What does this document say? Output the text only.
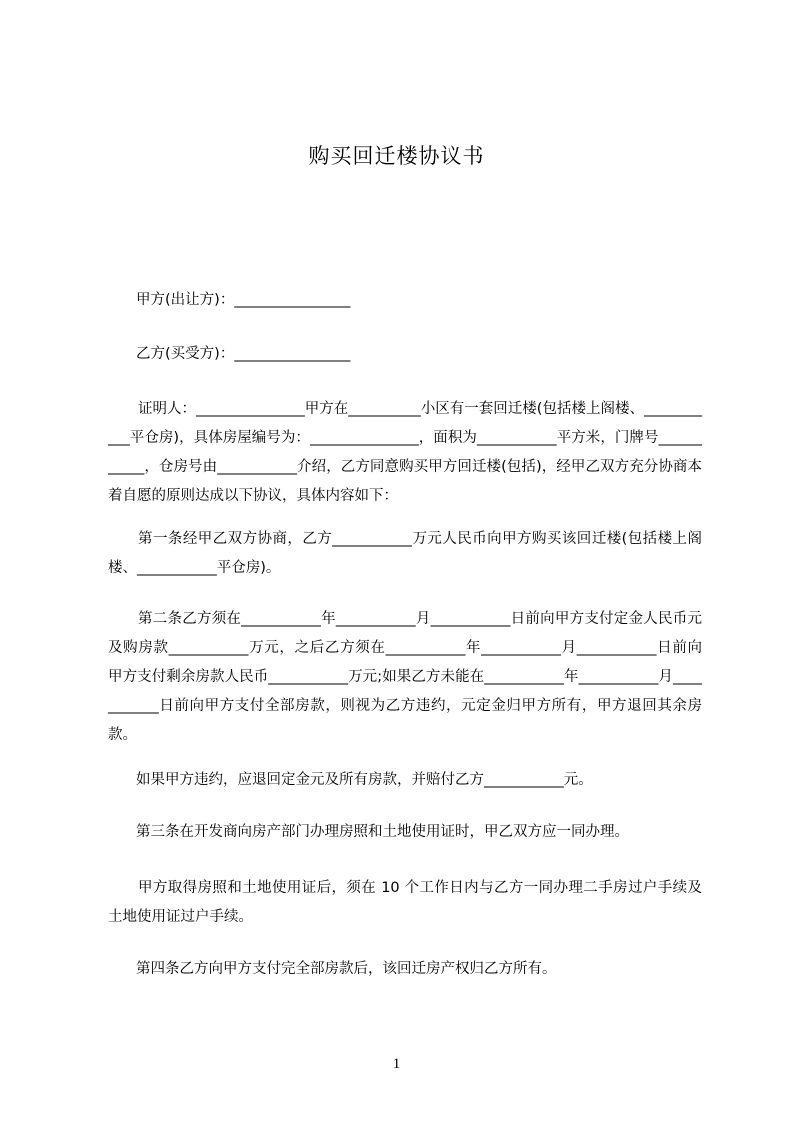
购买回迁楼协议书
甲方(出让方)：________________
乙方(买受方)：________________
证明人：_______________甲方在__________小区有一套回迁楼(包括楼上阁楼、___________平仓房)，具体房屋编号为：_______________，面积为___________平方米，门牌号___________，仓房号由___________介绍，乙方同意购买甲方回迁楼(包括)，经甲乙双方充分协商本着自愿的原则达成以下协议，具体内容如下：
第一条经甲乙双方协商，乙方___________万元人民币向甲方购买该回迁楼(包括楼上阁楼、___________平仓房)。
第二条乙方须在___________年___________月___________日前向甲方支付定金人民币元及购房款___________万元，之后乙方须在___________年___________月___________日前向甲方支付剩余房款人民币___________万元;如果乙方未能在___________年___________月___________日前向甲方支付全部房款，则视为乙方违约，元定金归甲方所有，甲方退回其余房款。
如果甲方违约，应退回定金元及所有房款，并赔付乙方___________元。
第三条在开发商向房产部门办理房照和土地使用证时，甲乙双方应一同办理。
甲方取得房照和土地使用证后，须在 10 个工作日内与乙方一同办理二手房过户手续及土地使用证过户手续。
第四条乙方向甲方支付完全部房款后，该回迁房产权归乙方所有。
1
